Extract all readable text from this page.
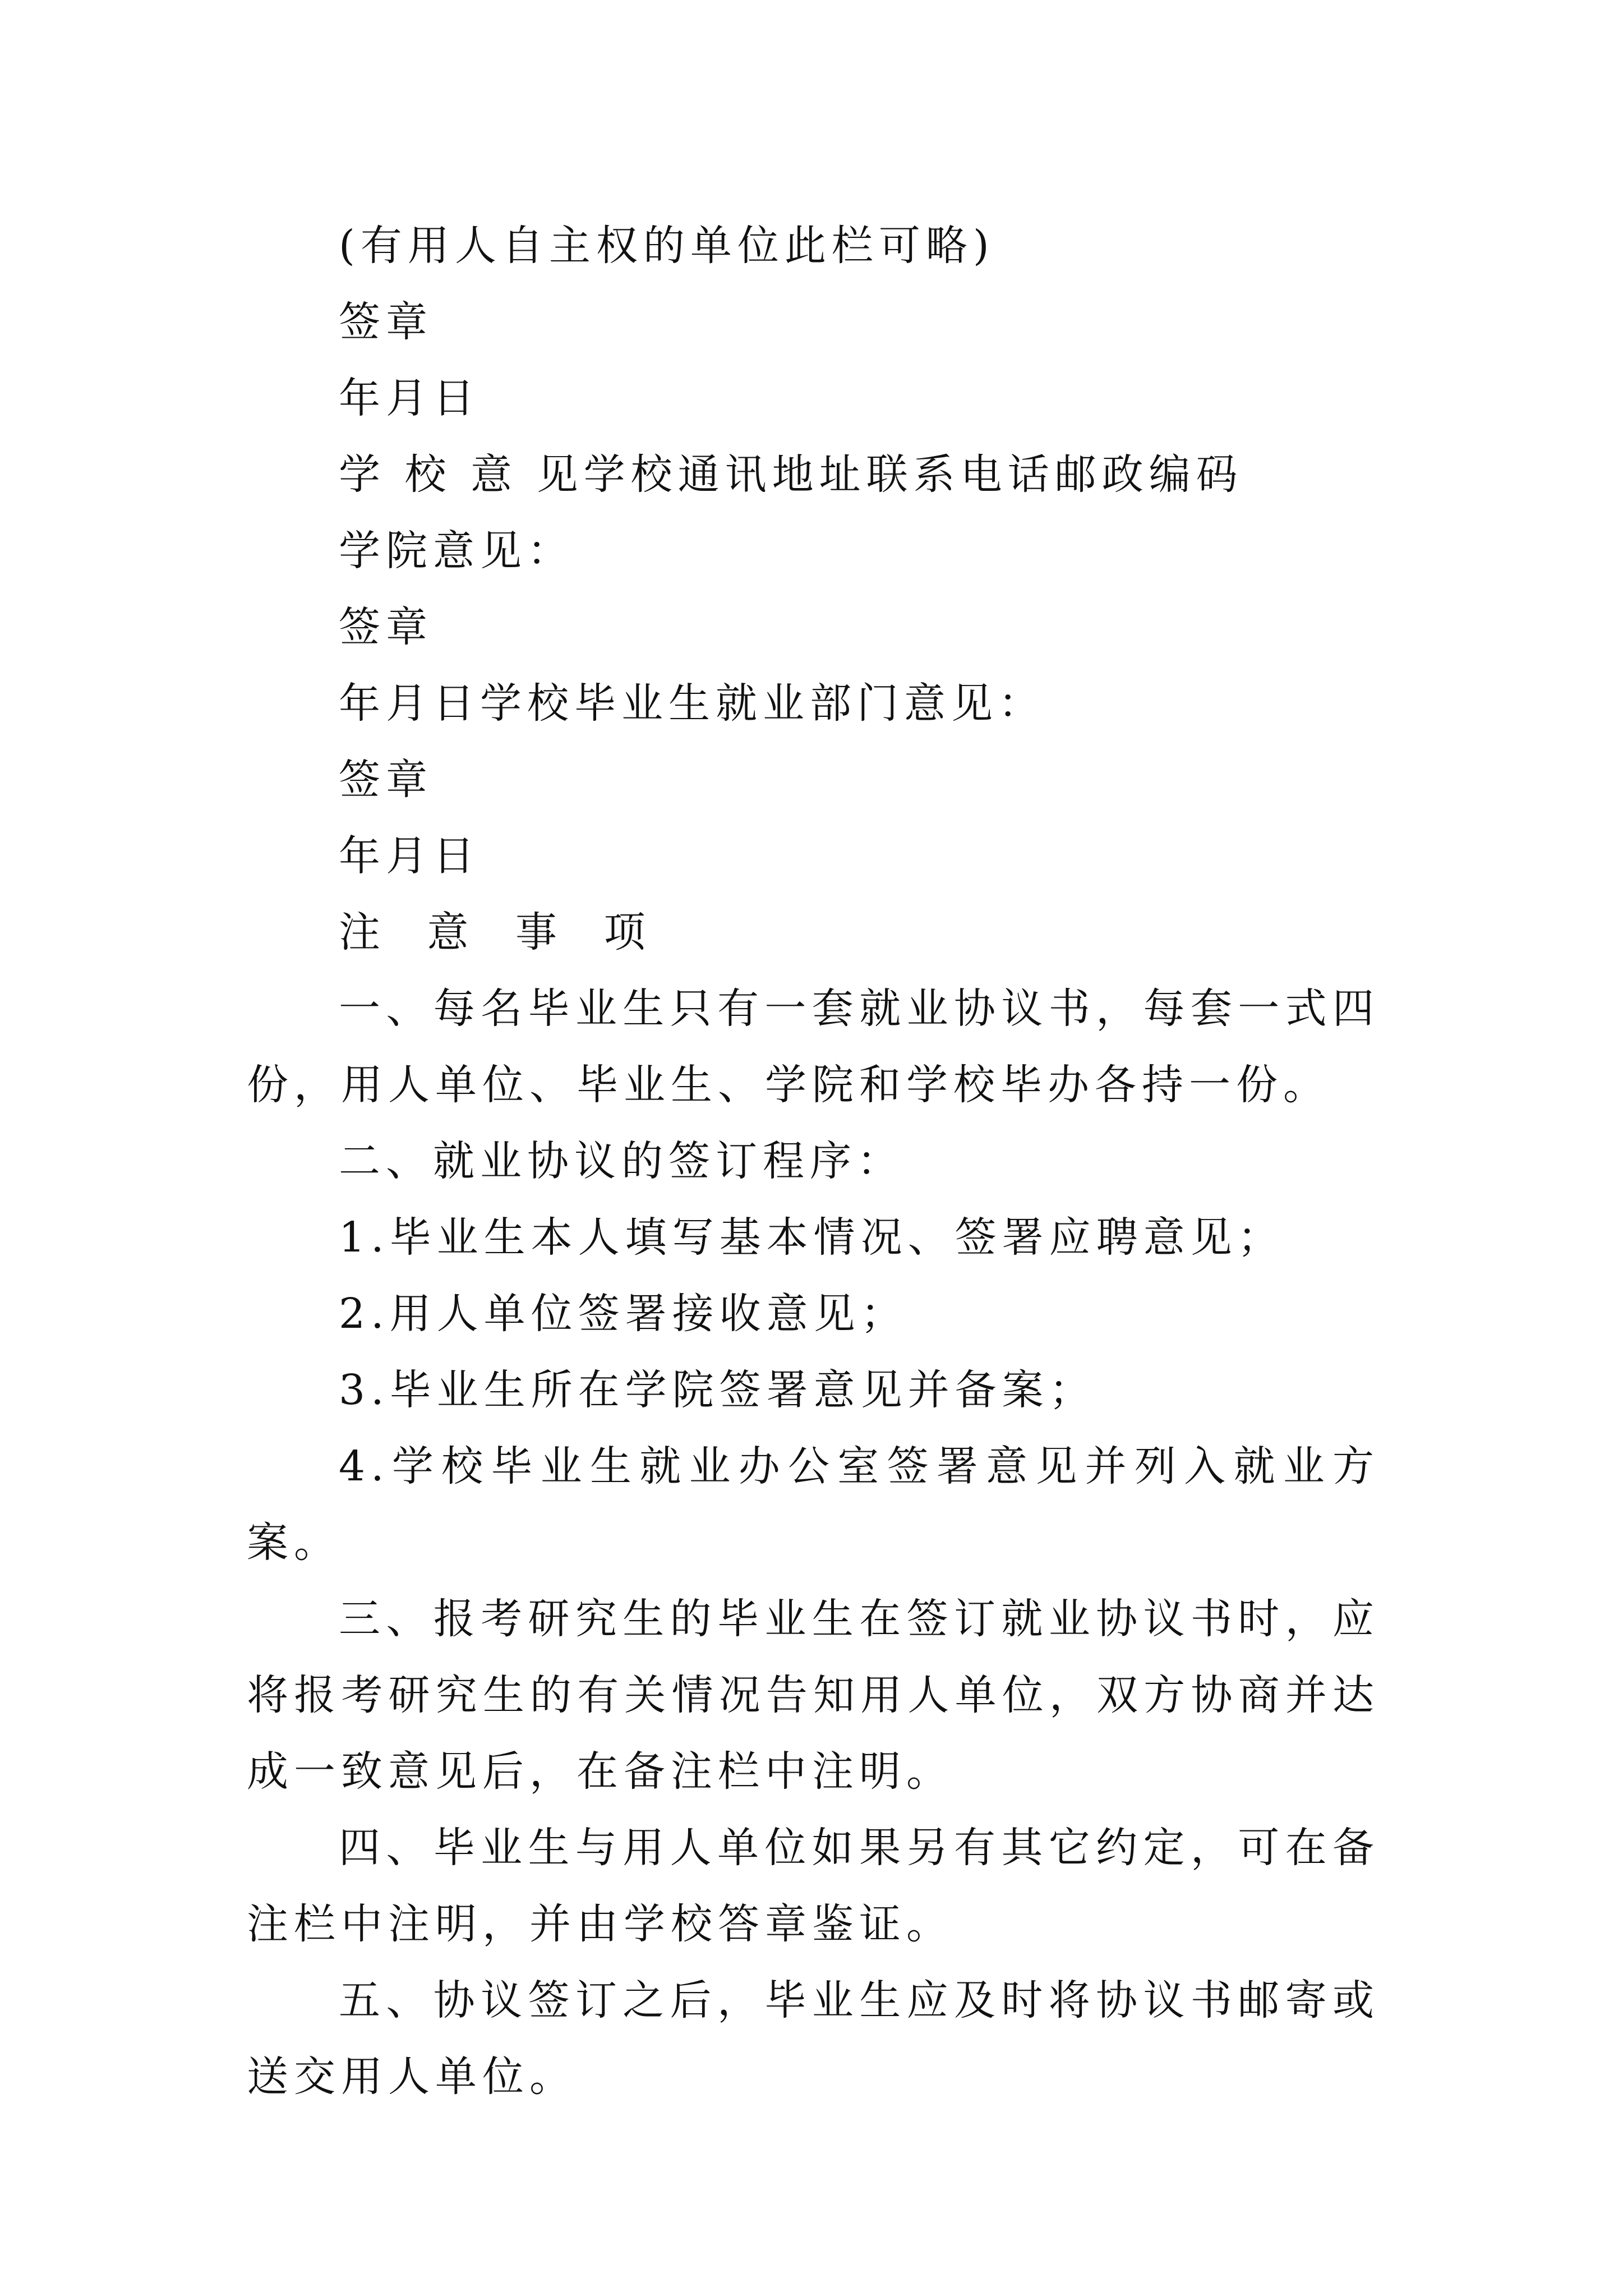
(有用人自主权的单位此栏可略)
签章
年月日
学 校 意 见学校通讯地址联系电话邮政编码
学院意见：
签章
年月日学校毕业生就业部门意见：
签章
年月日
注 意 事 项
一、每名毕业生只有一套就业协议书，每套一式四份，用人单位、毕业生、学院和学校毕办各持一份。
二、就业协议的签订程序：
1.毕业生本人填写基本情况、签署应聘意见；
2.用人单位签署接收意见；
3.毕业生所在学院签署意见并备案；
4.学校毕业生就业办公室签署意见并列入就业方案。
三、报考研究生的毕业生在签订就业协议书时，应将报考研究生的有关情况告知用人单位，双方协商并达成一致意见后，在备注栏中注明。
四、毕业生与用人单位如果另有其它约定，可在备注栏中注明，并由学校答章鉴证。
五、协议签订之后，毕业生应及时将协议书邮寄或送交用人单位。
